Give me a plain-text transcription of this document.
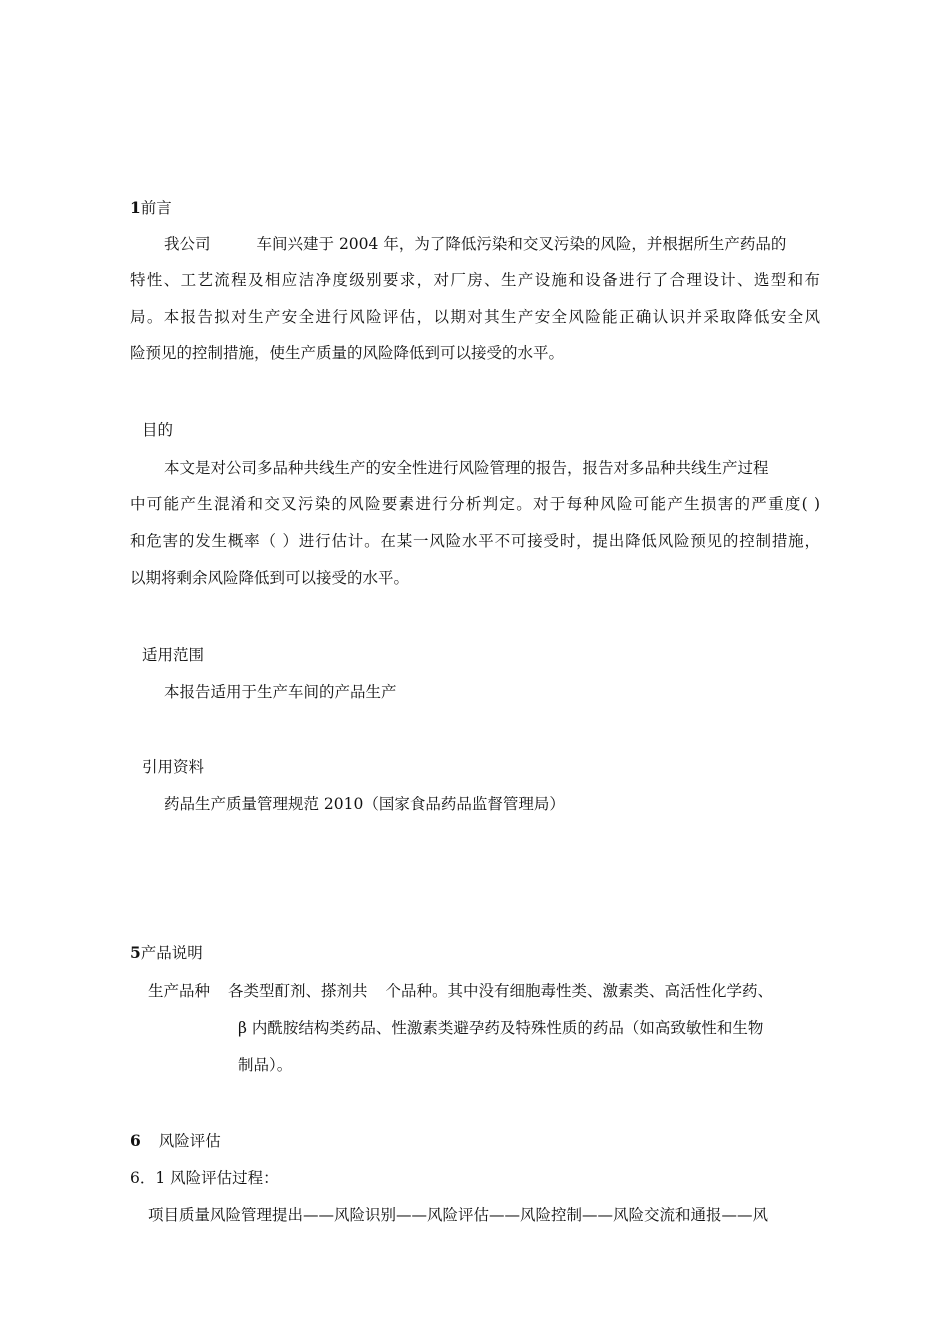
1前言
我公司	车间兴建于 2004 年，为了降低污染和交叉污染的风险，并根据所生产药品的
特性、工艺流程及相应洁净度级别要求，对厂房、生产设施和设备进行了合理设计、选型和布
局。本报告拟对生产安全进行风险评估，以期对其生产安全风险能正确认识并采取降低安全风
险预见的控制措施，使生产质量的风险降低到可以接受的水平。
目的
本文是对公司多品种共线生产的安全性进行风险管理的报告，报告对多品种共线生产过程
中可能产生混淆和交叉污染的风险要素进行分析判定。对于每种风险可能产生损害的严重度( )
和危害的发生概率（ ）进行估计。在某一风险水平不可接受时，提出降低风险预见的控制措施，
以期将剩余风险降低到可以接受的水平。
适用范围
本报告适用于生产车间的产品生产
引用资料
药品生产质量管理规范 2010（国家食品药品监督管理局）
5产品说明
生产品种 各类型酊剂、搽剂共 个品种。其中没有细胞毒性类、激素类、高活性化学药、
β 内酰胺结构类药品、性激素类避孕药及特殊性质的药品（如高致敏性和生物
制品）。
6 风险评估
6．1 风险评估过程：
项目质量风险管理提出——风险识别——风险评估——风险控制——风险交流和通报——风
